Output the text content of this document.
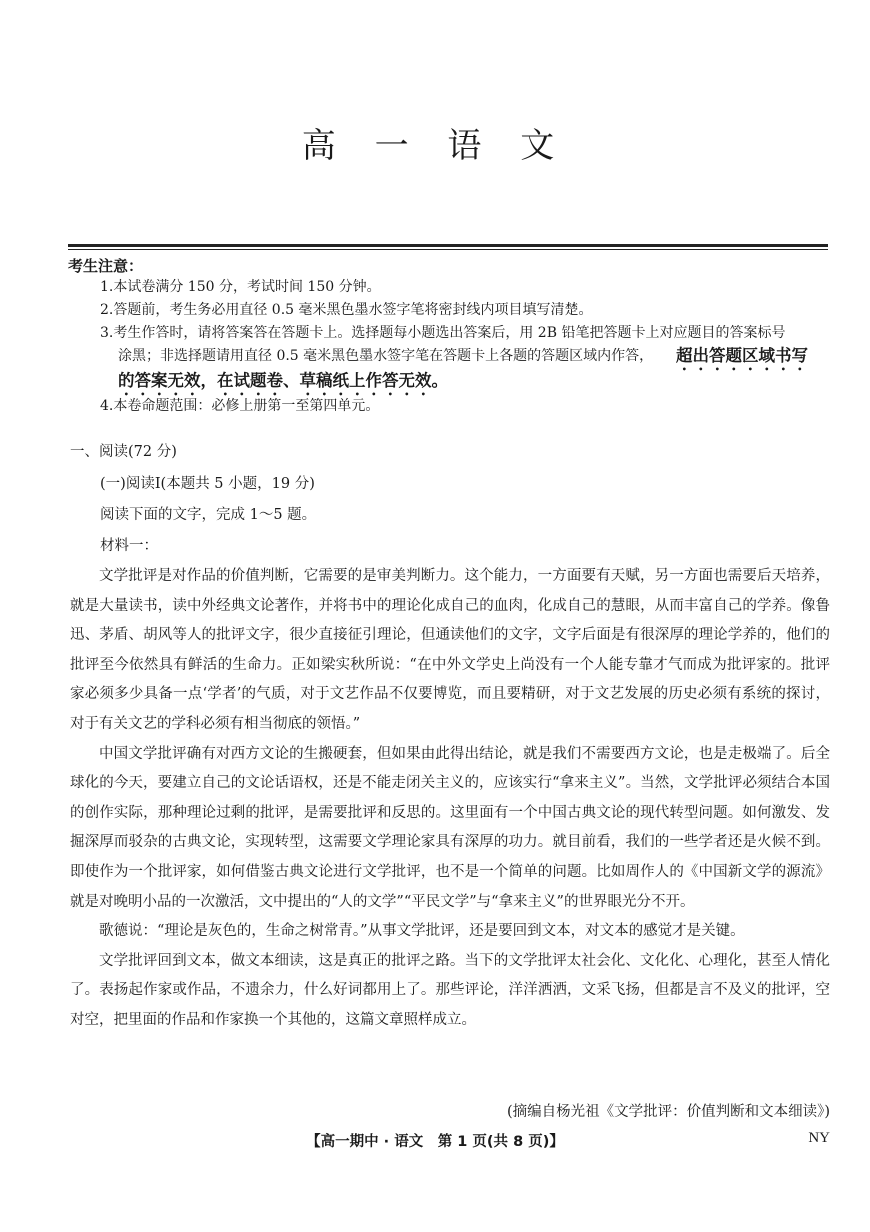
高 一 语 文
考生注意：
1.本试卷满分 150 分，考试时间 150 分钟。
2.答题前，考生务必用直径 0.5 毫米黑色墨水签字笔将密封线内项目填写清楚。
3.考生作答时，请将答案答在答题卡上。选择题每小题选出答案后，用 2B 铅笔把答题卡上对应题目的答案标号
涂黑；非选择题请用直径 0.5 毫米黑色墨水签字笔在答题卡上各题的答题区域内作答， 超出答题区域书写
的答案无效，在试题卷、草稿纸上作答无效。
4.本卷命题范围：必修上册第一至第四单元。
一、阅读(72 分)
(一)阅读Ⅰ(本题共 5 小题，19 分)
阅读下面的文字，完成 1～5 题。
材料一：

文学批评是对作品的价值判断，它需要的是审美判断力。这个能力，一方面要有天赋，另一方面也需要后天培养，就是大量读书，读中外经典文论著作，并将书中的理论化成自己的血肉，化成自己的慧眼，从而丰富自己的学养。像鲁迅、茅盾、胡风等人的批评文字，很少直接征引理论，但通读他们的文字，文字后面是有很深厚的理论学养的，他们的批评至今依然具有鲜活的生命力。正如梁实秋所说：“在中外文学史上尚没有一个人能专靠才气而成为批评家的。批评家必须多少具备一点‘学者’的气质，对于文艺作品不仅要博览，而且要精研，对于文艺发展的历史必须有系统的探讨，对于有关文艺的学科必须有相当彻底的领悟。”

中国文学批评确有对西方文论的生搬硬套，但如果由此得出结论，就是我们不需要西方文论，也是走极端了。后全球化的今天，要建立自己的文论话语权，还是不能走闭关主义的，应该实行“拿来主义”。当然，文学批评必须结合本国的创作实际，那种理论过剩的批评，是需要批评和反思的。这里面有一个中国古典文论的现代转型问题。如何激发、发掘深厚而驳杂的古典文论，实现转型，这需要文学理论家具有深厚的功力。就目前看，我们的一些学者还是火候不到。即使作为一个批评家，如何借鉴古典文论进行文学批评，也不是一个简单的问题。比如周作人的《中国新文学的源流》就是对晚明小品的一次激活，文中提出的“人的文学”“平民文学”与“拿来主义”的世界眼光分不开。

歌德说：“理论是灰色的，生命之树常青。”从事文学批评，还是要回到文本，对文本的感觉才是关键。

文学批评回到文本，做文本细读，这是真正的批评之路。当下的文学批评太社会化、文化化、心理化，甚至人情化了。表扬起作家或作品，不遗余力，什么好词都用上了。那些评论，洋洋洒洒，文采飞扬，但都是言不及义的批评，空对空，把里面的作品和作家换一个其他的，这篇文章照样成立。

(摘编自杨光祖《文学批评：价值判断和文本细读》)
【高一期中 · 语文　第 1 页(共 8 页)】	NY
